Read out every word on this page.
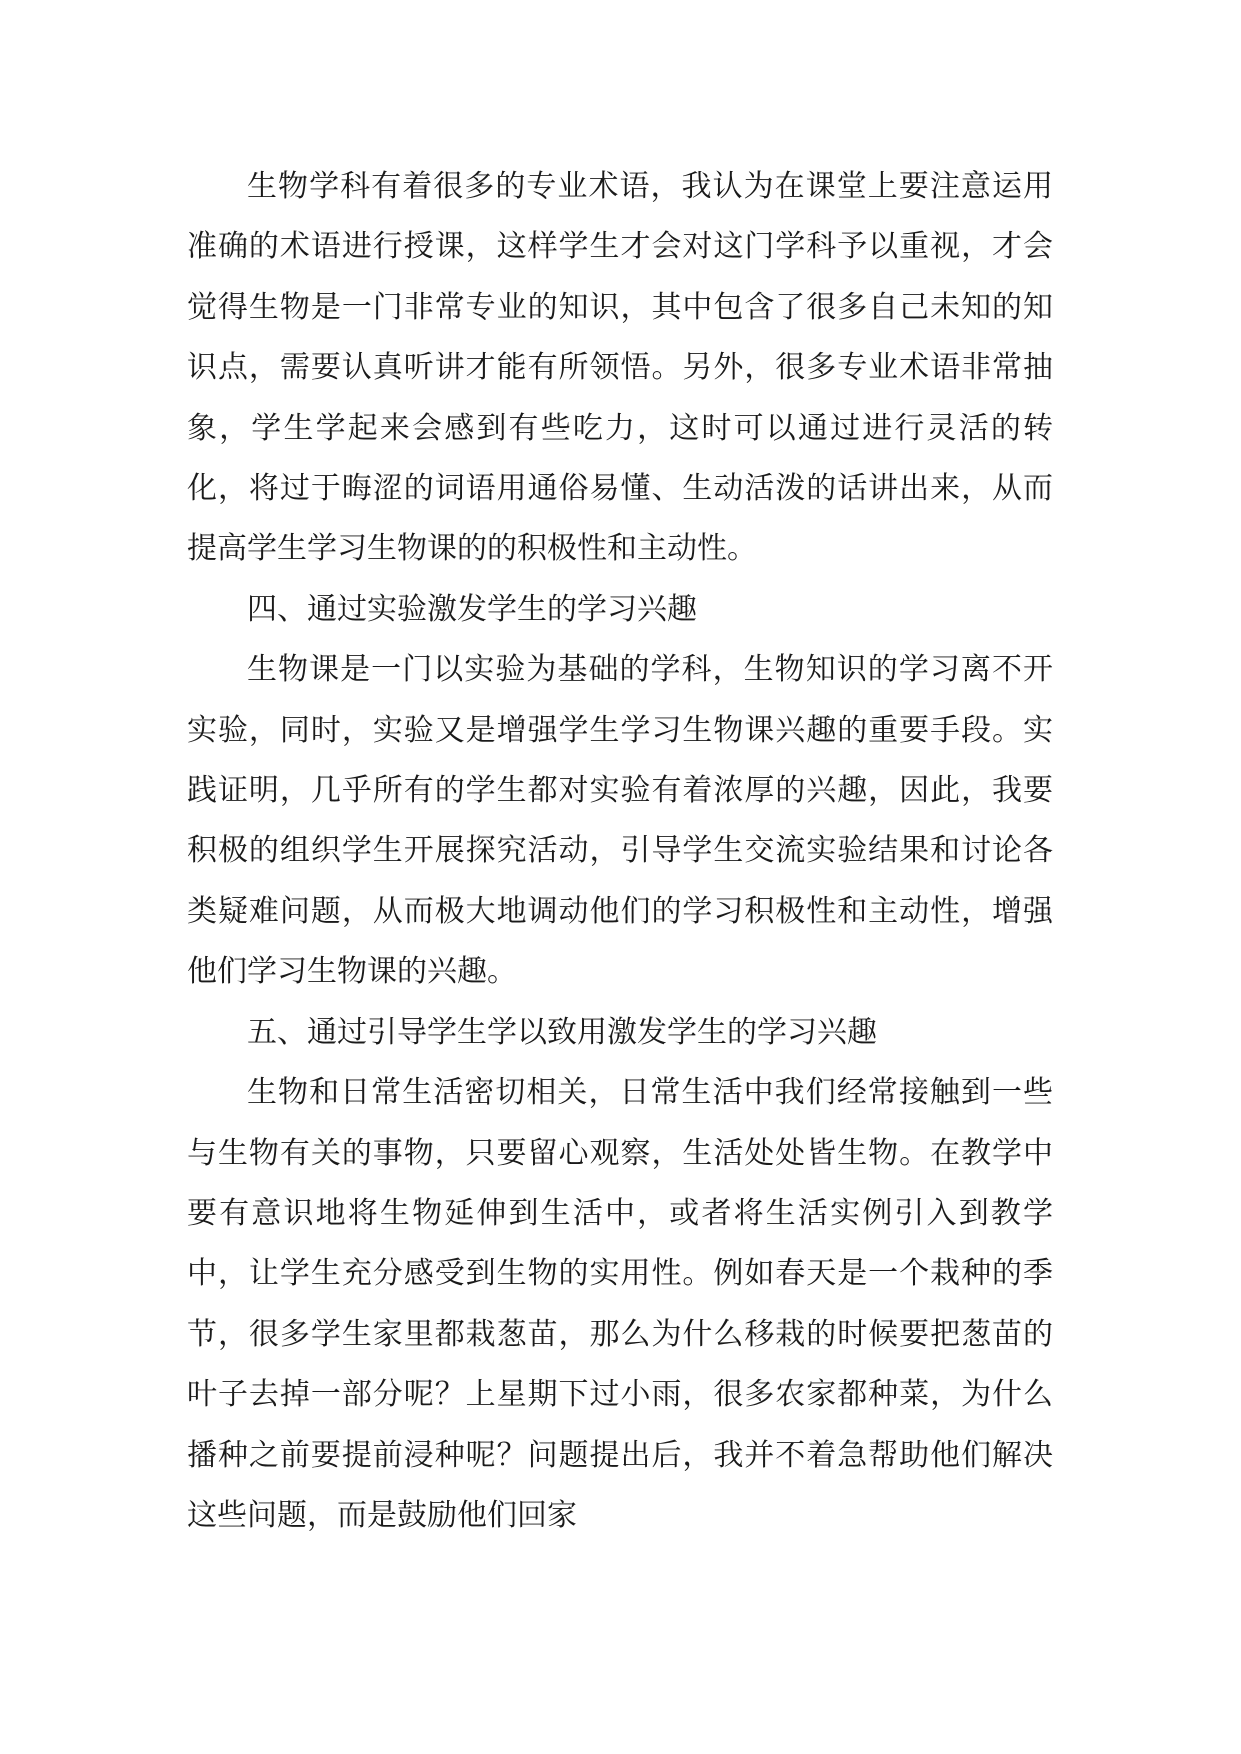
生物学科有着很多的专业术语，我认为在课堂上要注意运用准确的术语进行授课，这样学生才会对这门学科予以重视，才会觉得生物是一门非常专业的知识，其中包含了很多自己未知的知识点，需要认真听讲才能有所领悟。另外，很多专业术语非常抽象，学生学起来会感到有些吃力，这时可以通过进行灵活的转化，将过于晦涩的词语用通俗易懂、生动活泼的话讲出来，从而提高学生学习生物课的的积极性和主动性。

四、通过实验激发学生的学习兴趣

生物课是一门以实验为基础的学科，生物知识的学习离不开实验，同时，实验又是增强学生学习生物课兴趣的重要手段。实践证明，几乎所有的学生都对实验有着浓厚的兴趣，因此，我要积极的组织学生开展探究活动，引导学生交流实验结果和讨论各类疑难问题，从而极大地调动他们的学习积极性和主动性，增强他们学习生物课的兴趣。

五、通过引导学生学以致用激发学生的学习兴趣

生物和日常生活密切相关，日常生活中我们经常接触到一些与生物有关的事物，只要留心观察，生活处处皆生物。在教学中要有意识地将生物延伸到生活中，或者将生活实例引入到教学中，让学生充分感受到生物的实用性。例如春天是一个栽种的季节，很多学生家里都栽葱苗，那么为什么移栽的时候要把葱苗的叶子去掉一部分呢？上星期下过小雨，很多农家都种菜，为什么播种之前要提前浸种呢？问题提出后，我并不着急帮助他们解决这些问题，而是鼓励他们回家
